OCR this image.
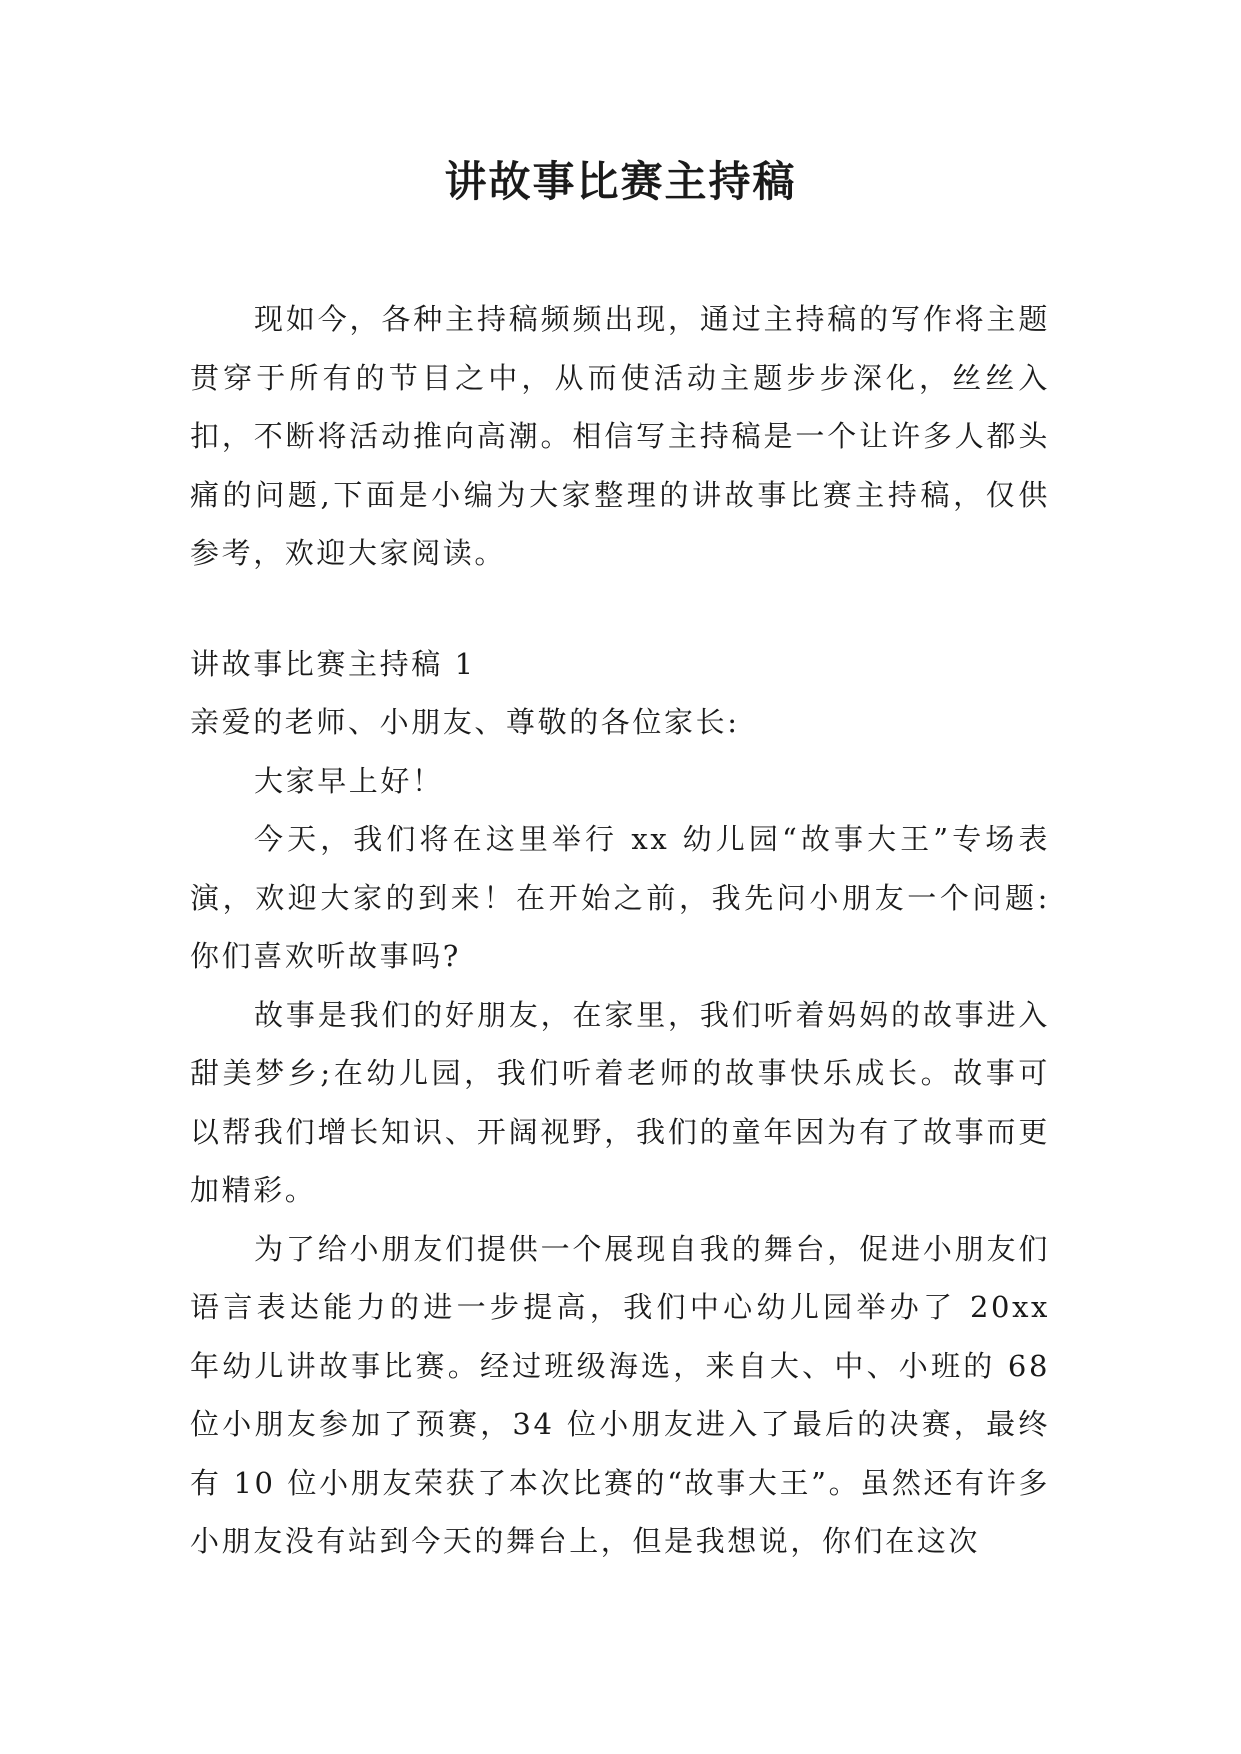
讲故事比赛主持稿

现如今，各种主持稿频频出现，通过主持稿的写作将主题贯穿于所有的节目之中，从而使活动主题步步深化，丝丝入扣，不断将活动推向高潮。相信写主持稿是一个让许多人都头痛的问题,下面是小编为大家整理的讲故事比赛主持稿，仅供参考，欢迎大家阅读。

讲故事比赛主持稿 1

亲爱的老师、小朋友、尊敬的各位家长:

大家早上好！

今天，我们将在这里举行 xx 幼儿园“故事大王”专场表演，欢迎大家的到来！在开始之前，我先问小朋友一个问题:你们喜欢听故事吗?

故事是我们的好朋友，在家里，我们听着妈妈的故事进入甜美梦乡;在幼儿园，我们听着老师的故事快乐成长。故事可以帮我们增长知识、开阔视野，我们的童年因为有了故事而更加精彩。

为了给小朋友们提供一个展现自我的舞台，促进小朋友们语言表达能力的进一步提高，我们中心幼儿园举办了 20xx 年幼儿讲故事比赛。经过班级海选，来自大、中、小班的 68 位小朋友参加了预赛，34 位小朋友进入了最后的决赛，最终有 10 位小朋友荣获了本次比赛的“故事大王”。虽然还有许多小朋友没有站到今天的舞台上，但是我想说，你们在这次
